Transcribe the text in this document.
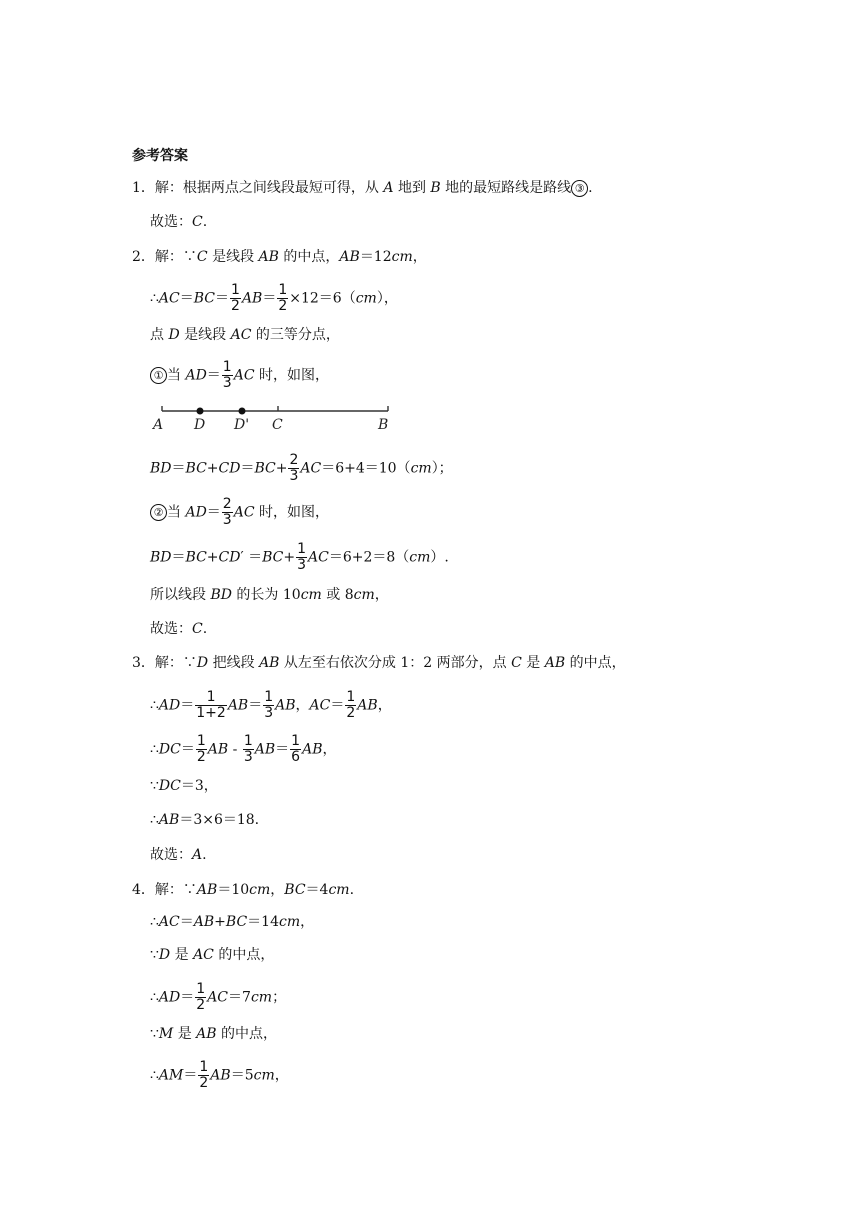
参考答案
1．解：根据两点之间线段最短可得，从 A 地到 B 地的最短路线是路线 ③ .
故选：C.
2．解：∵C 是线段 AB 的中点，AB＝12cm，
∴AC＝BC＝ $\frac{1}{2} AB= \frac{1}{2} \times 12=6(cm)$，
点 D 是线段 AC 的三等分点，
① 当 $AD= \frac{1}{3}$ AC 时，如图，
A D D' C	B
$BD=BC+CD=BC+ \frac{2}{3} AC=6+4=10(cm)$；
② 当 $AD= \frac{2}{3}$ AC 时，如图，
$BD=BC+CD' =BC+ \frac{1}{3} AC=6+2=8(cm)$.
所以线段 BD 的长为 10cm 或 8cm，
故选：C.
3．解：∵D 把线段 AB 从左至右依次分成 1：2 两部分，点 C 是 AB 的中点，
∴AD＝ $\frac{1}{1+2} AB= \frac{1}{3}$ AB，$AC= \frac{1}{2}$ AB，
∴DC＝ $\frac{1}{2}$ AB - $\frac{1}{3} AB= \frac{1}{6}$ AB，
∵DC＝3，
∴AB＝3×6＝18.
故选：A.
4．解：∵AB＝10cm，BC＝4cm.
∴AC＝AB+BC＝14cm，
∵D 是 AC 的中点，
∴AD＝ $\frac{1}{2} AC=7cm$；
∵M 是 AB 的中点，
∴AM＝ $\frac{1}{2} AB=5cm$，
